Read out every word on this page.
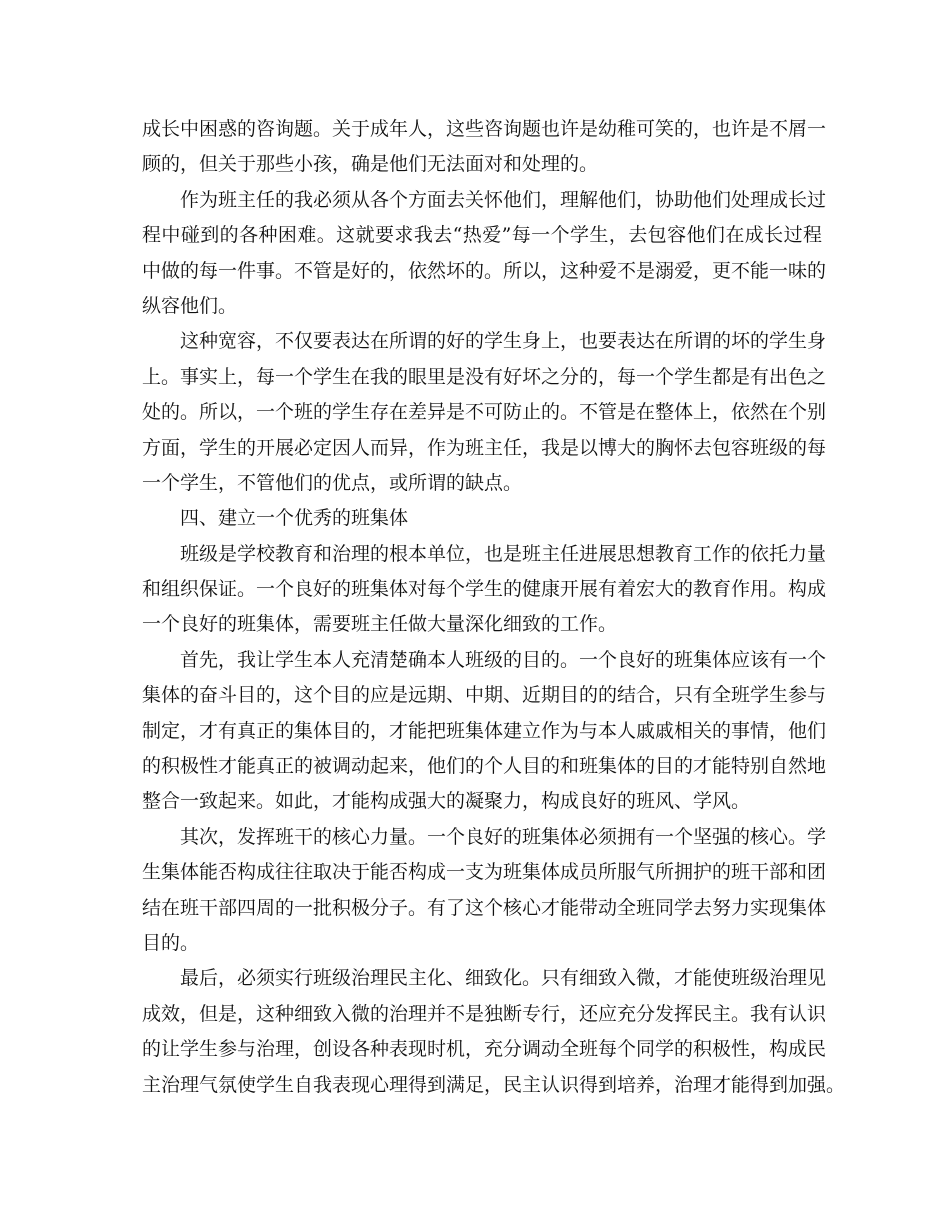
成长中困惑的咨询题。关于成年人，这些咨询题也许是幼稚可笑的，也许是不屑一
顾的，但关于那些小孩，确是他们无法面对和处理的。
作为班主任的我必须从各个方面去关怀他们，理解他们，协助他们处理成长过
程中碰到的各种困难。这就要求我去“热爱”每一个学生，去包容他们在成长过程
中做的每一件事。不管是好的，依然坏的。所以，这种爱不是溺爱，更不能一味的
纵容他们。
这种宽容，不仅要表达在所谓的好的学生身上，也要表达在所谓的坏的学生身
上。事实上，每一个学生在我的眼里是没有好坏之分的，每一个学生都是有出色之
处的。所以，一个班的学生存在差异是不可防止的。不管是在整体上，依然在个别
方面，学生的开展必定因人而异，作为班主任，我是以博大的胸怀去包容班级的每
一个学生，不管他们的优点，或所谓的缺点。
四、建立一个优秀的班集体
班级是学校教育和治理的根本单位，也是班主任进展思想教育工作的依托力量
和组织保证。一个良好的班集体对每个学生的健康开展有着宏大的教育作用。构成
一个良好的班集体，需要班主任做大量深化细致的工作。
首先，我让学生本人充清楚确本人班级的目的。一个良好的班集体应该有一个
集体的奋斗目的，这个目的应是远期、中期、近期目的的结合，只有全班学生参与
制定，才有真正的集体目的，才能把班集体建立作为与本人戚戚相关的事情，他们
的积极性才能真正的被调动起来，他们的个人目的和班集体的目的才能特别自然地
整合一致起来。如此，才能构成强大的凝聚力，构成良好的班风、学风。
其次，发挥班干的核心力量。一个良好的班集体必须拥有一个坚强的核心。学
生集体能否构成往往取决于能否构成一支为班集体成员所服气所拥护的班干部和团
结在班干部四周的一批积极分子。有了这个核心才能带动全班同学去努力实现集体
目的。
最后，必须实行班级治理民主化、细致化。只有细致入微，才能使班级治理见
成效，但是，这种细致入微的治理并不是独断专行，还应充分发挥民主。我有认识
的让学生参与治理，创设各种表现时机，充分调动全班每个同学的积极性，构成民
主治理气氛使学生自我表现心理得到满足，民主认识得到培养，治理才能得到加强。
